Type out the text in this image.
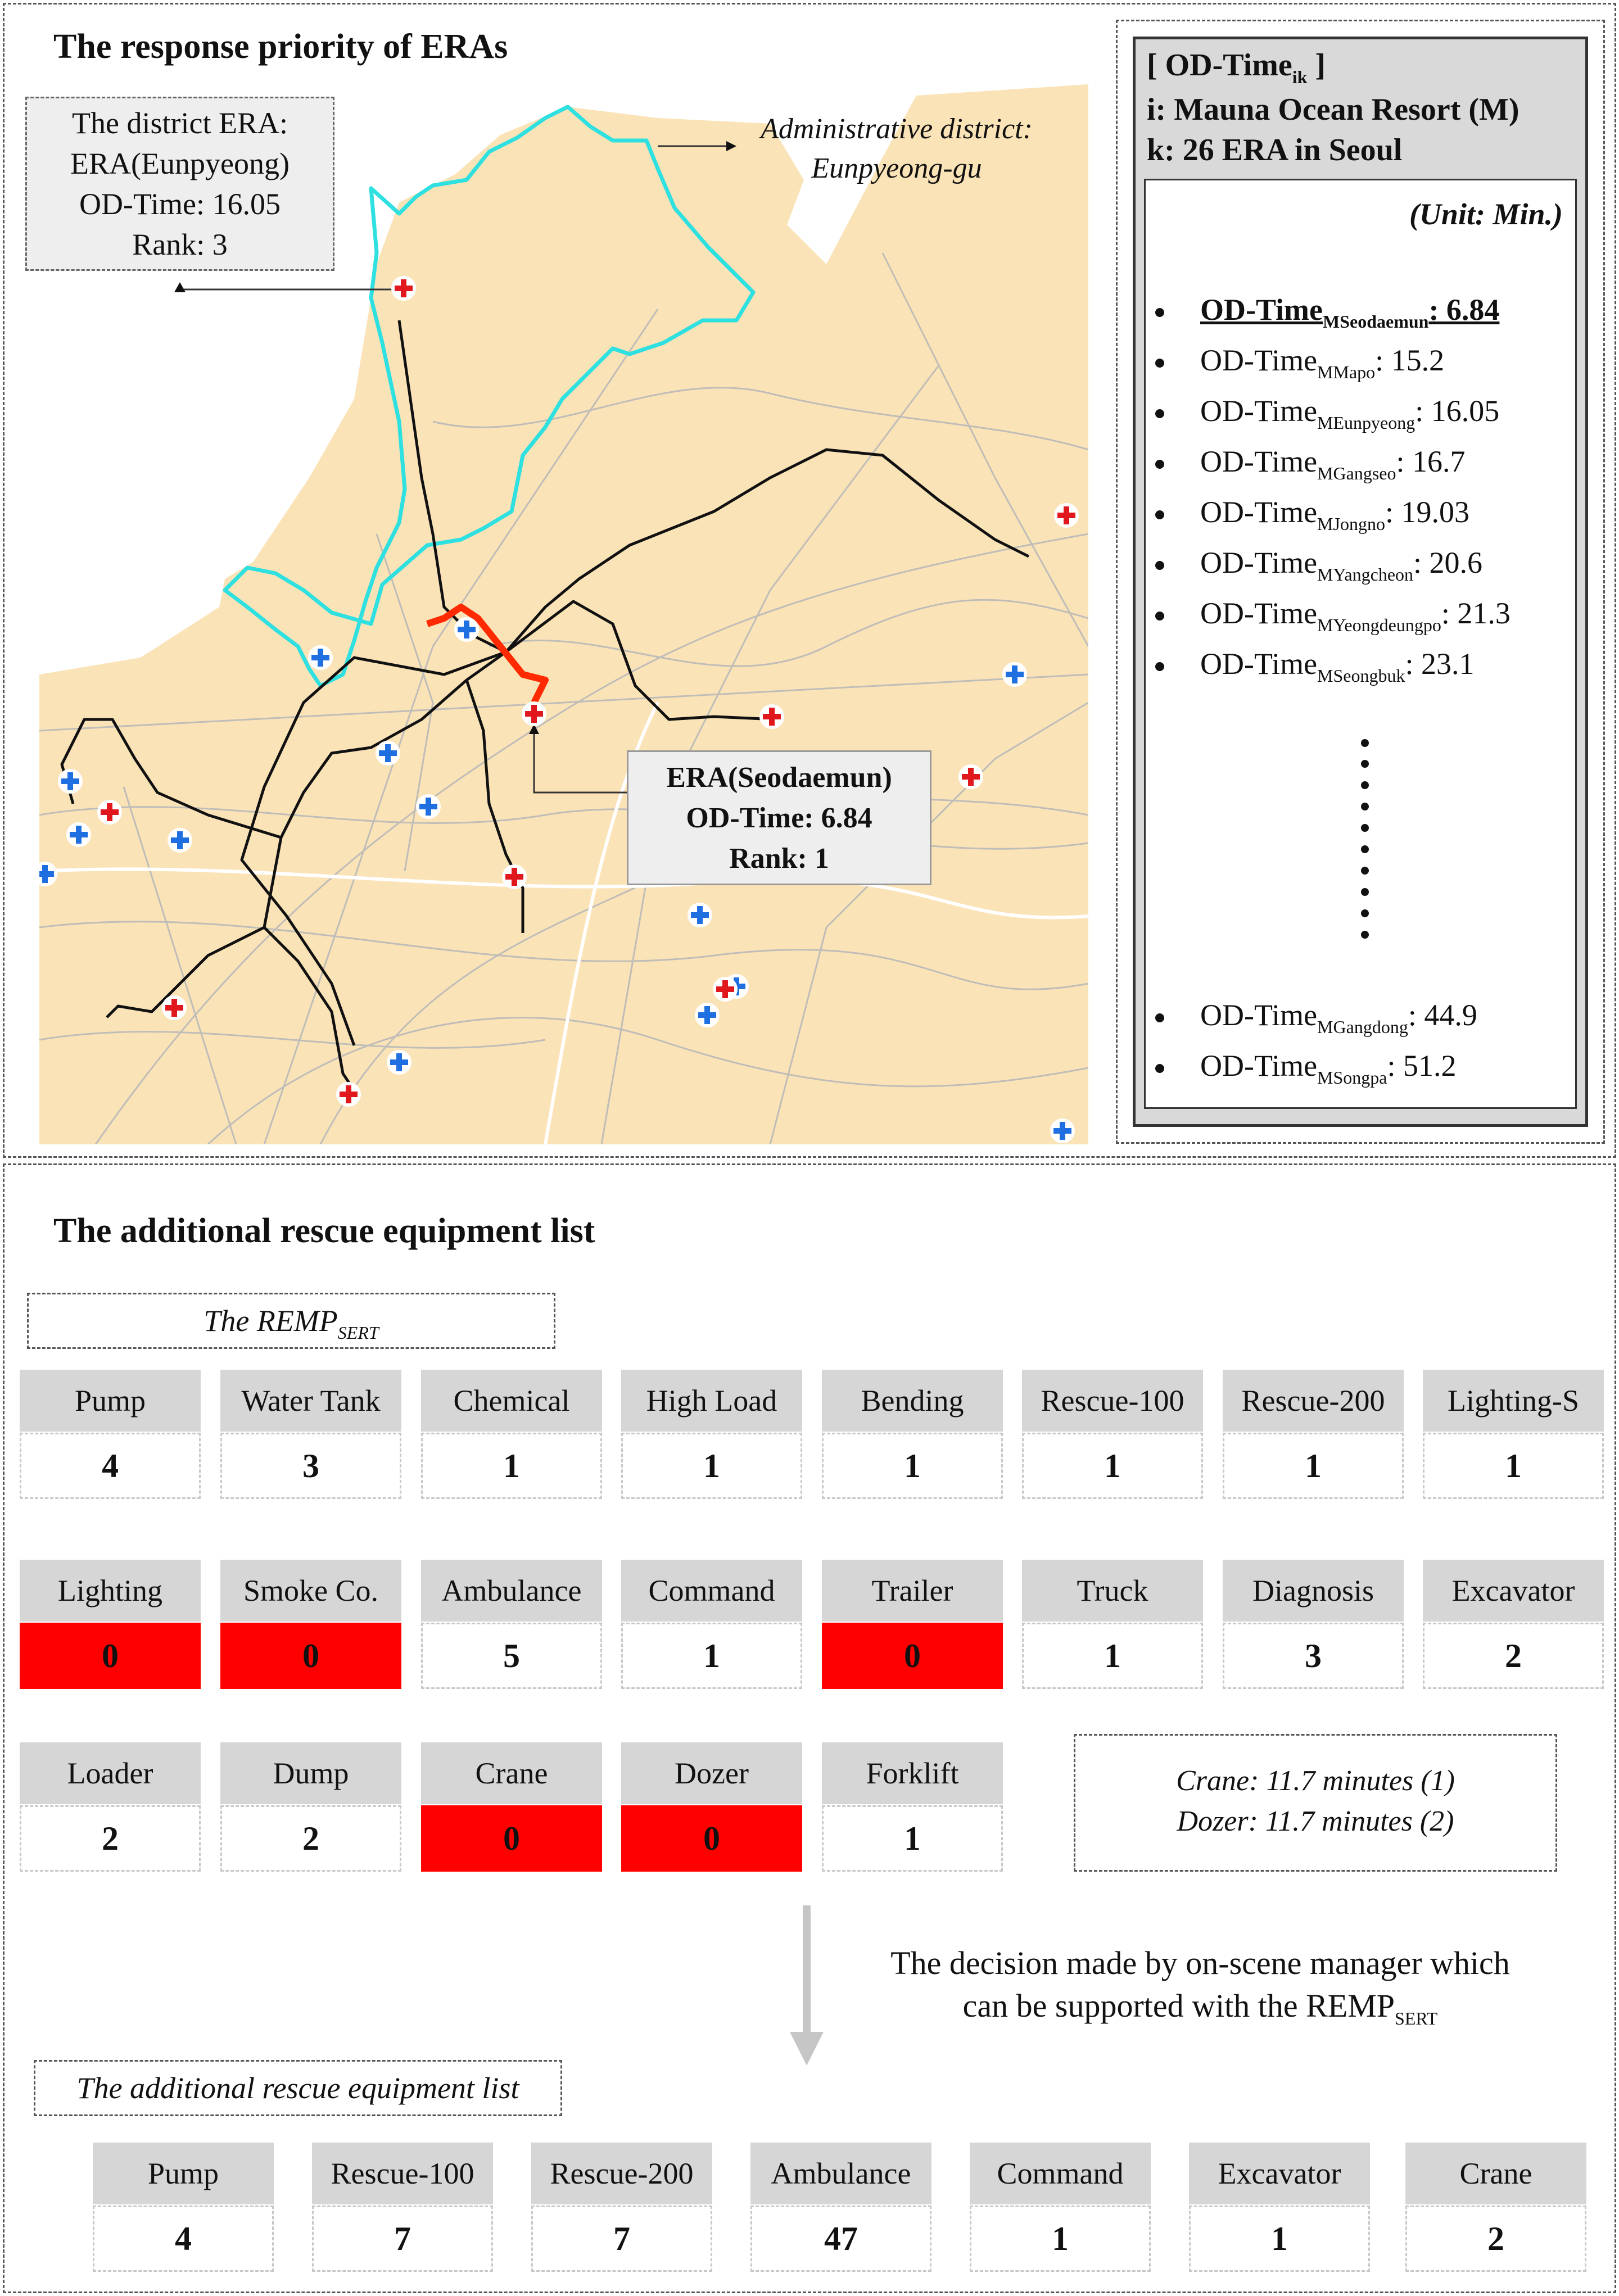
The response priority of ERAs
The district ERA:
ERA(Eunpyeong)
OD-Time: 16.05
Rank: 3
Administrative district:
Eunpyeong-gu
ERA(Seodaemun)
OD-Time: 6.84
Rank: 1
[ OD-Time$_{ik}$ ]
i: Mauna Ocean Resort (M)
k: 26 ERA in Seoul
(Unit: Min.)
OD-Time$_{MSeodaemun}$: 6.84
OD-Time$_{MMapo}$: 15.2
OD-Time$_{MEunpyeong}$: 16.05
OD-Time$_{MGangseo}$: 16.7
OD-Time$_{MJongno}$: 19.03
OD-Time$_{MYangcheon}$: 20.6
OD-Time$_{MYeongdeungpo}$: 21.3
OD-Time$_{MSeongbuk}$: 23.1
OD-Time$_{MGangdong}$: 44.9
OD-Time$_{MSongpa}$: 51.2
The additional rescue equipment list
The $REMP_{SERT}$
Pump
4
Water Tank
3
Chemical
1
High Load
1
Bending
1
Rescue-100
1
Rescue-200
1
Lighting-S
1
Lighting
0
Smoke Co.
0
Ambulance
5
Command
1
Trailer
0
Truck
1
Diagnosis
3
Excavator
2
Loader
2
Dump
2
Crane
0
Dozer
0
Forklift
1
Crane: 11.7 minutes (1)
Dozer: 11.7 minutes (2)
The decision made by on-scene manager which
can be supported with the $REMP_{SERT}$
The additional rescue equipment list
Pump
4
Rescue-100
7
Rescue-200
7
Ambulance
47
Command
1
Excavator
1
Crane
2
